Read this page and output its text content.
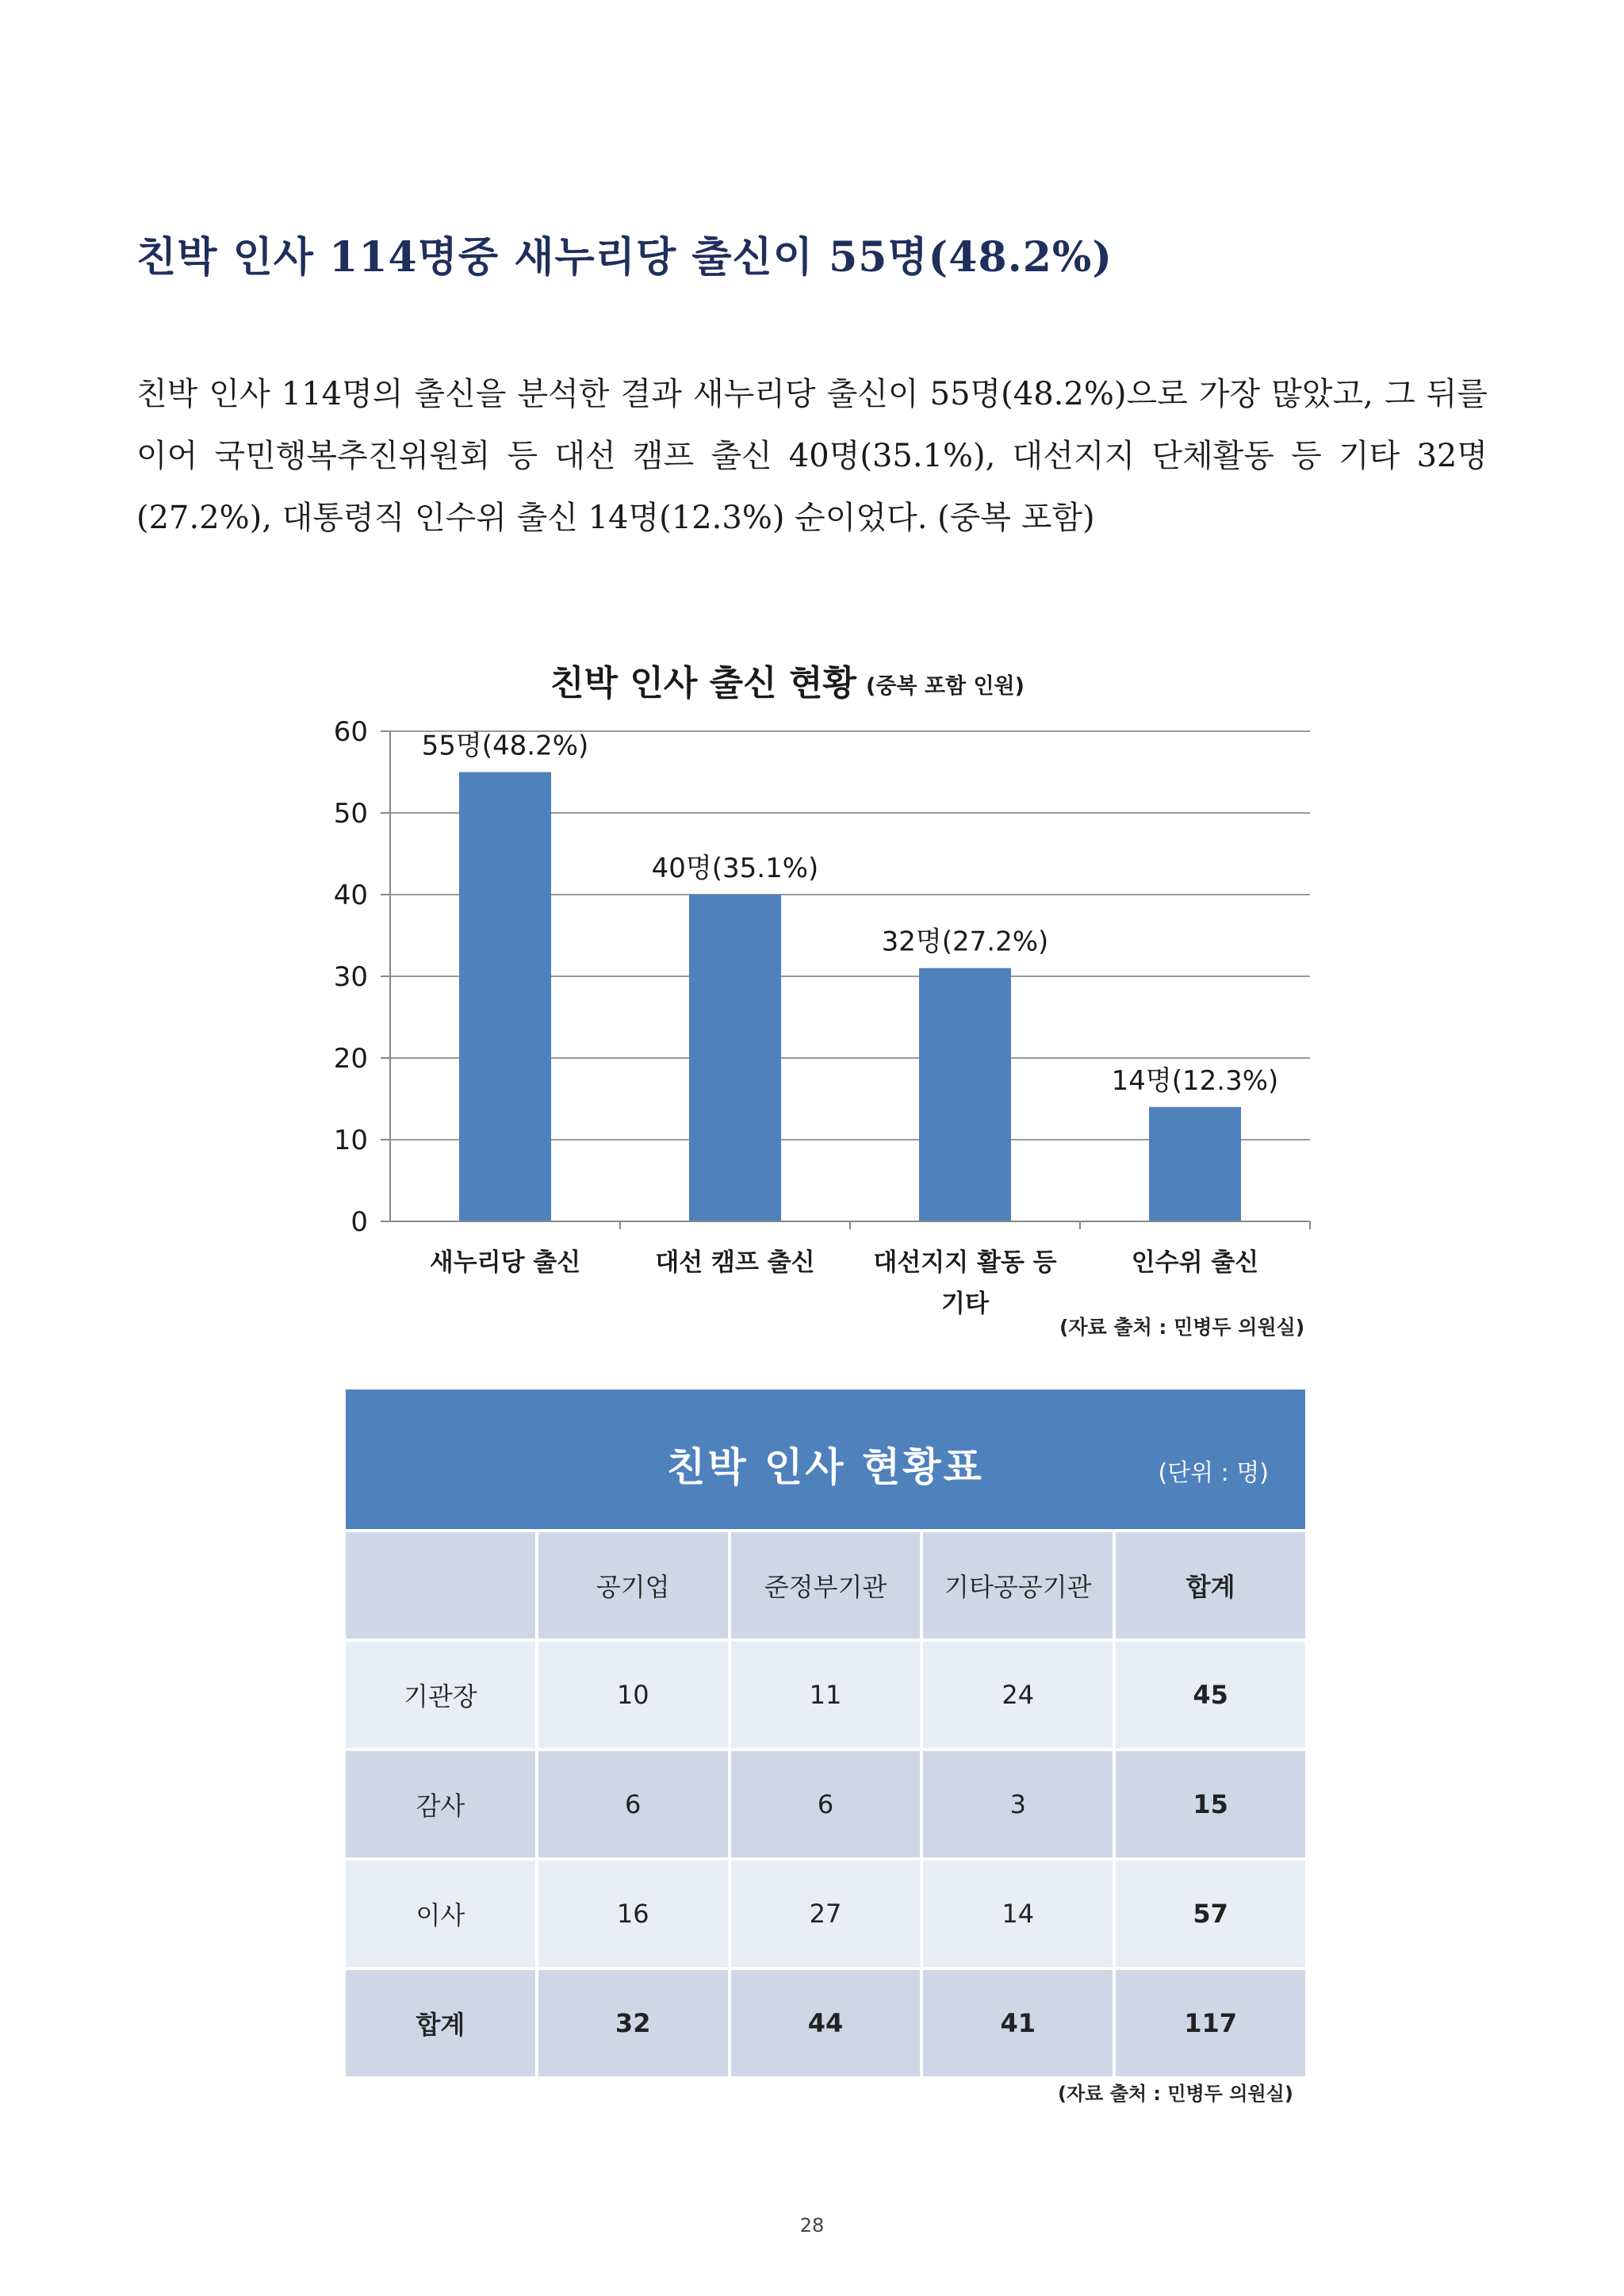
친박 인사 114명중 새누리당 출신이 55명(48.2%)

친박 인사 114명의 출신을 분석한 결과 새누리당 출신이 55명(48.2%)으로 가장 많았고, 그 뒤를 이어 국민행복추진위원회 등 대선 캠프 출신 40명(35.1%), 대선지지 단체활동 등 기타 32명(27.2%), 대통령직 인수위 출신 14명(12.3%) 순이었다. (중복 포함)

친박 인사 출신 현황 (중복 포함 인원)
0
10
20
30
40
50
60 55명(48.2%)
40명(35.1%)
32명(27.2%)
14명(12.3%)
새누리당 출신	대선 캠프 출신 대선지지 활동 등
기타
인수위 출신
(자료 출처 : 민병두 의원실)
친박 인사 현황표	(단위 : 명)
	공기업	준정부기관	기타공공기관	합계
기관장	10	11	24	45
감사	6	6	3	15
이사	16	27	14	57
합계	32	44	41	117
(자료 출처 : 민병두 의원실)
28
